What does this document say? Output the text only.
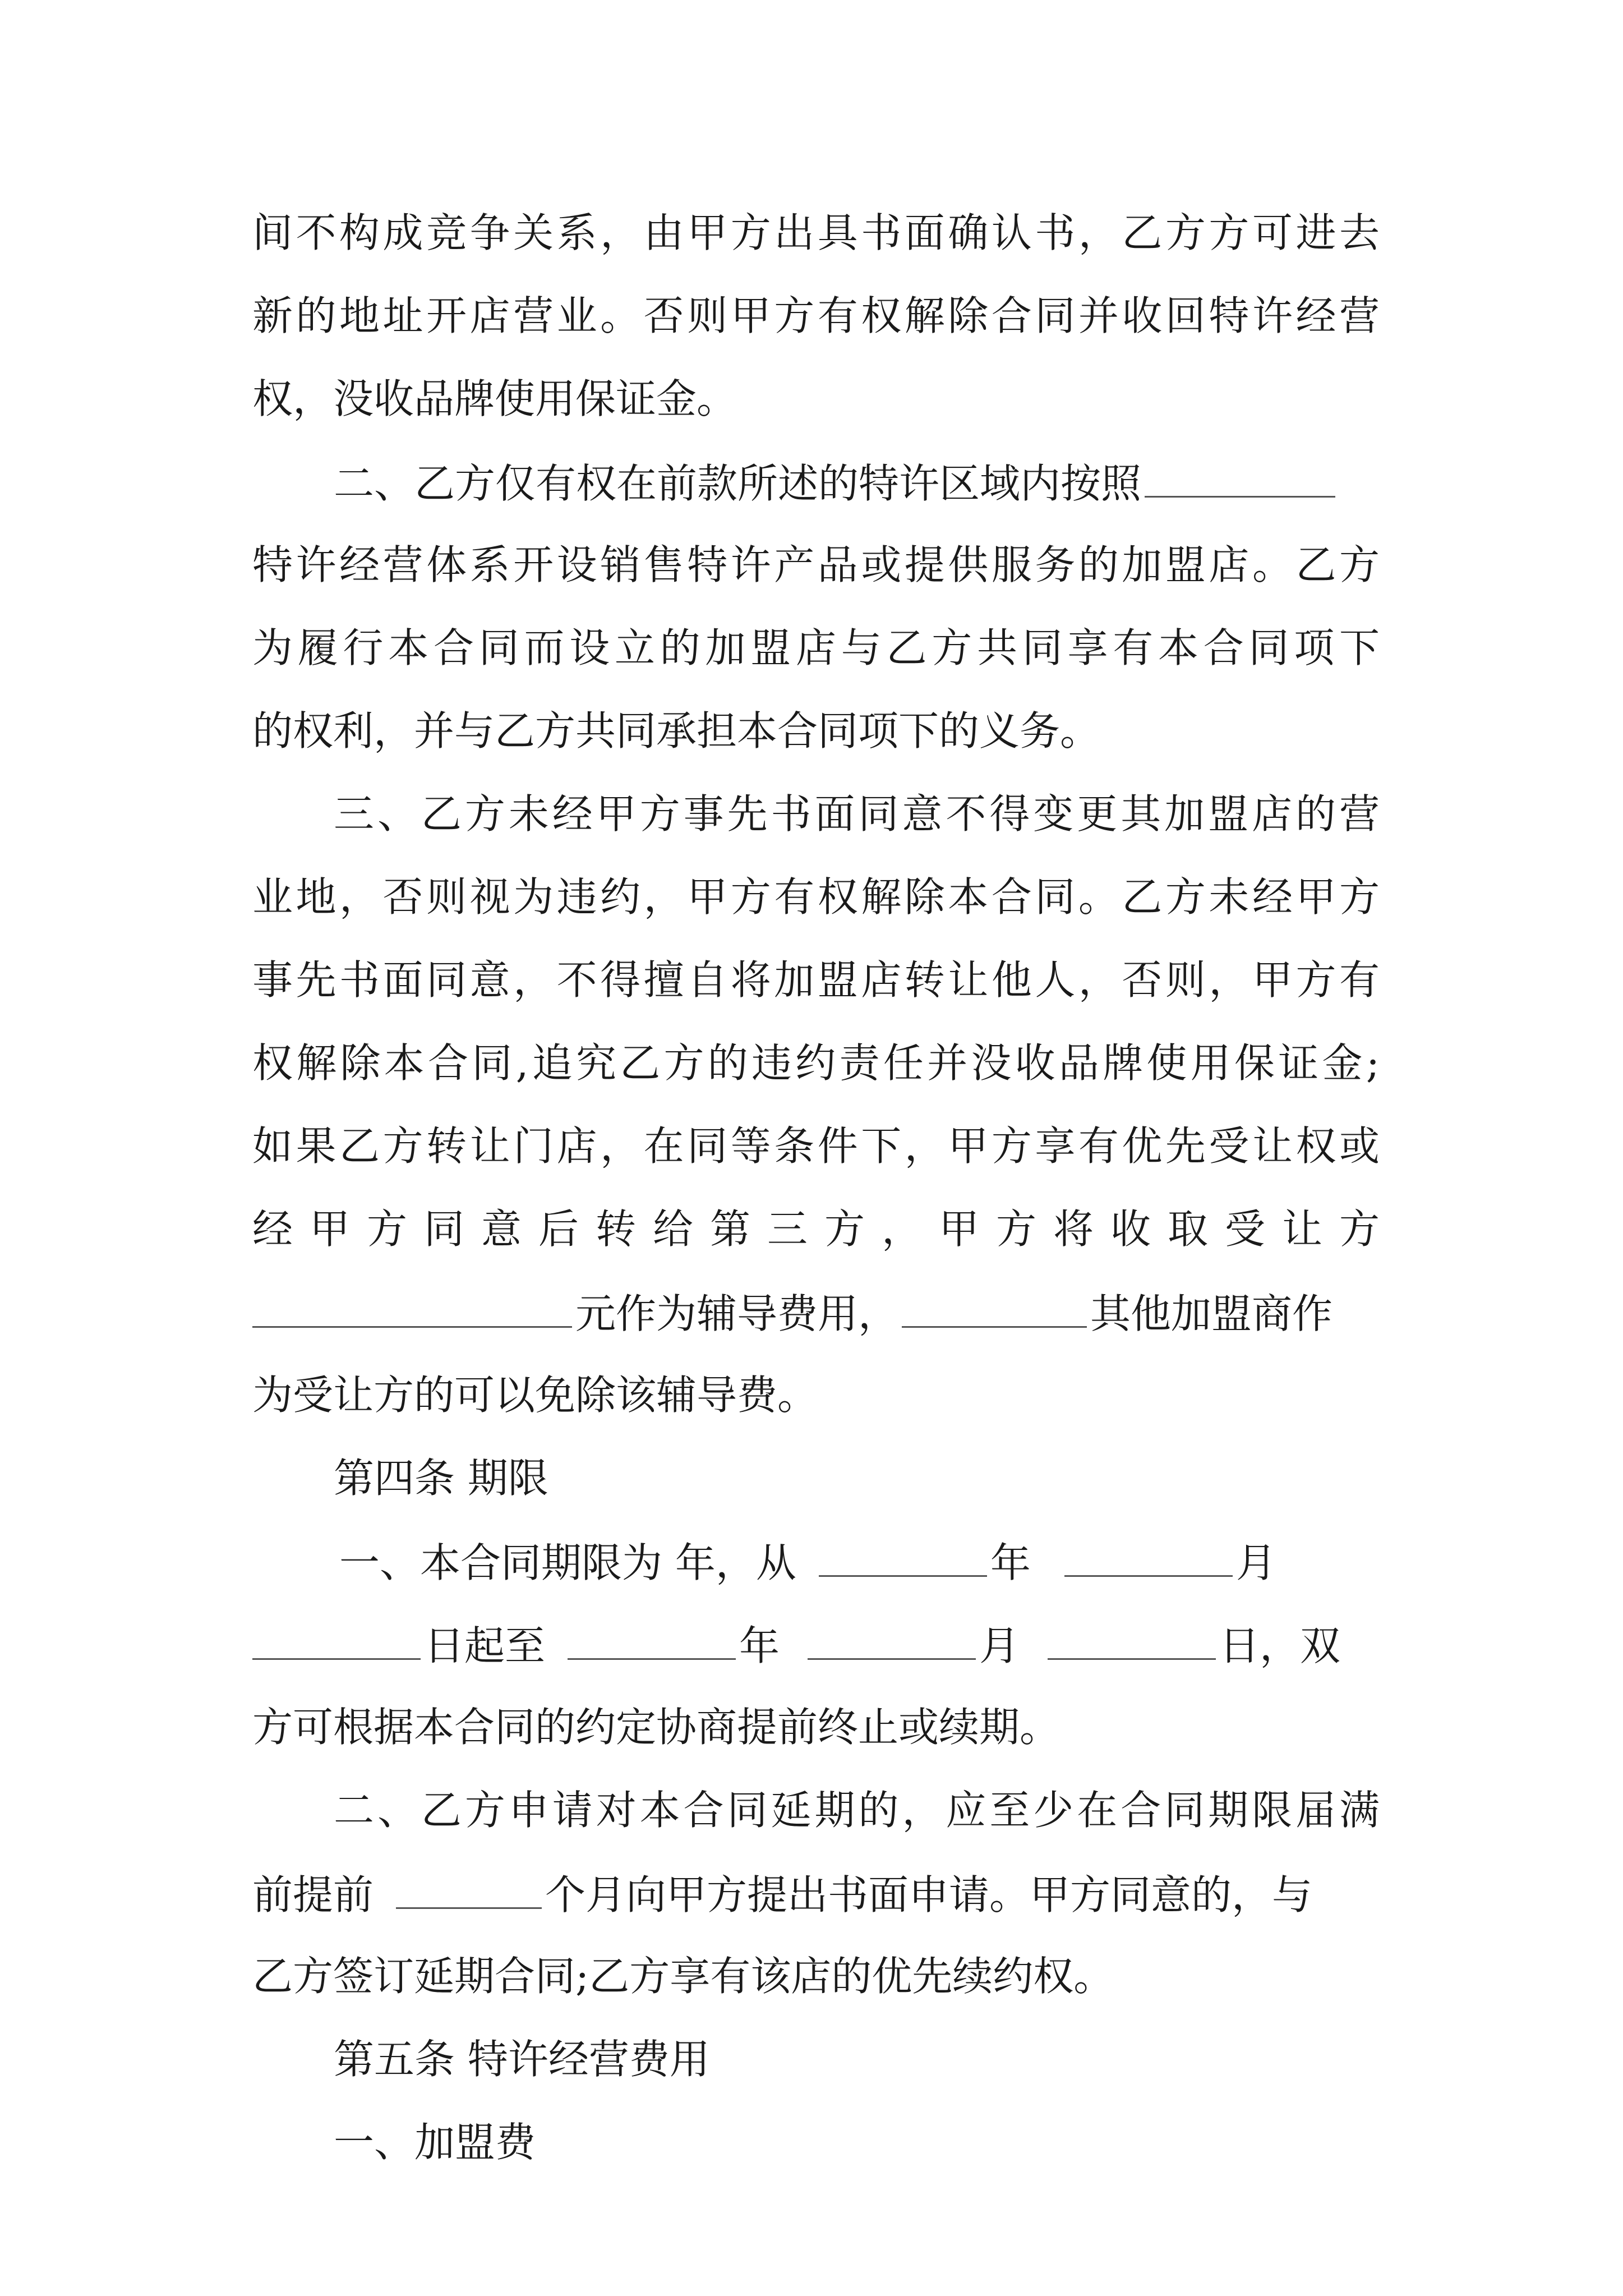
间不构成竞争关系，由甲方出具书面确认书，乙方方可进去
新的地址开店营业。否则甲方有权解除合同并收回特许经营
权，没收品牌使用保证金。
二、乙方仅有权在前款所述的特许区域内按照
特许经营体系开设销售特许产品或提供服务的加盟店。乙方
为履行本合同而设立的加盟店与乙方共同享有本合同项下
的权利，并与乙方共同承担本合同项下的义务。
三、乙方未经甲方事先书面同意不得变更其加盟店的营
业地，否则视为违约，甲方有权解除本合同。乙方未经甲方
事先书面同意，不得擅自将加盟店转让他人，否则，甲方有
权解除本合同,追究乙方的违约责任并没收品牌使用保证金;
如果乙方转让门店，在同等条件下，甲方享有优先受让权或
经 甲 方 同 意 后 转 给 第 三 方 ， 甲 方 将 收 取 受 让 方
元作为辅导费用，	其他加盟商作
为受让方的可以免除该辅导费。
第四条 期限
一、本合同期限为 年，从	年	月
日起至	年	月	日，双
方可根据本合同的约定协商提前终止或续期。
二、乙方申请对本合同延期的，应至少在合同期限届满
前提前	个月向甲方提出书面申请。甲方同意的，与
乙方签订延期合同;乙方享有该店的优先续约权。
第五条 特许经营费用
一、加盟费
